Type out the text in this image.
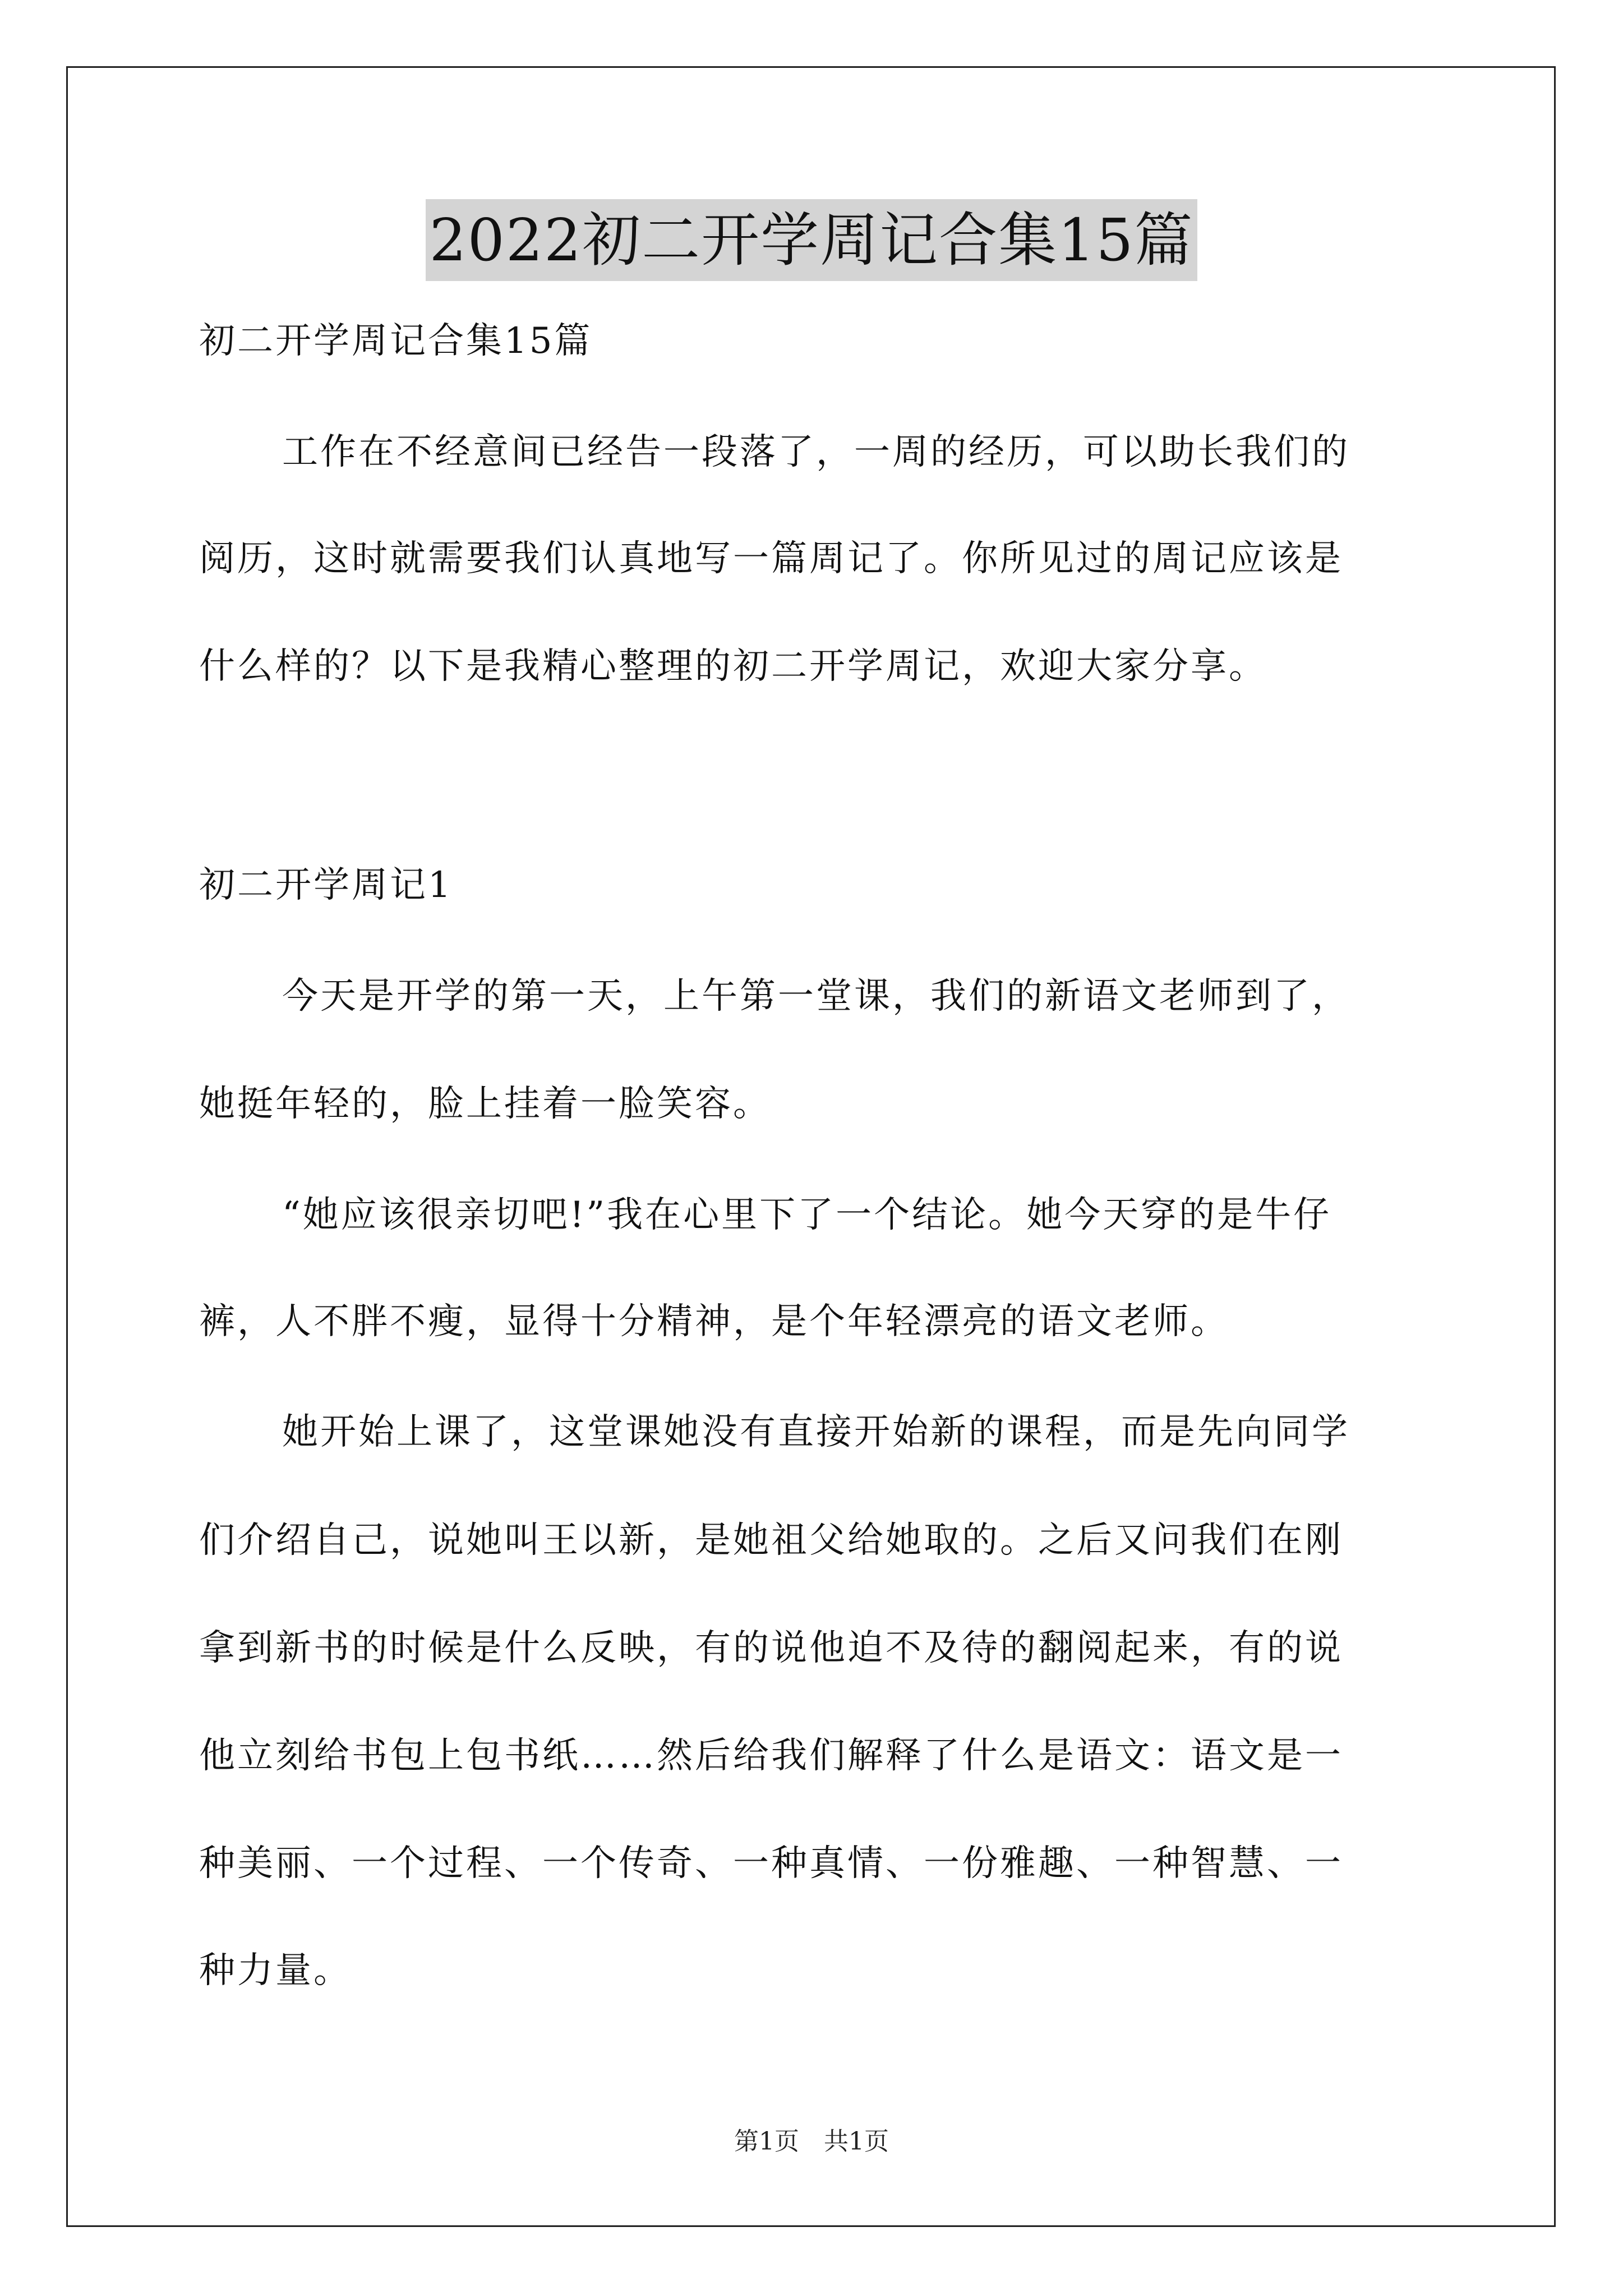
2022初二开学周记合集15篇
初二开学周记合集15篇
工作在不经意间已经告一段落了，一周的经历，可以助长我们的
阅历，这时就需要我们认真地写一篇周记了。你所见过的周记应该是
什么样的？以下是我精心整理的初二开学周记，欢迎大家分享。
初二开学周记1
今天是开学的第一天，上午第一堂课，我们的新语文老师到了，
她挺年轻的，脸上挂着一脸笑容。
“她应该很亲切吧!”我在心里下了一个结论。她今天穿的是牛仔
裤，人不胖不瘦，显得十分精神，是个年轻漂亮的语文老师。
她开始上课了，这堂课她没有直接开始新的课程，而是先向同学
们介绍自己，说她叫王以新，是她祖父给她取的。之后又问我们在刚
拿到新书的时候是什么反映，有的说他迫不及待的翻阅起来，有的说
他立刻给书包上包书纸……然后给我们解释了什么是语文：语文是一
种美丽、一个过程、一个传奇、一种真情、一份雅趣、一种智慧、一
种力量。
第1页　共1页
